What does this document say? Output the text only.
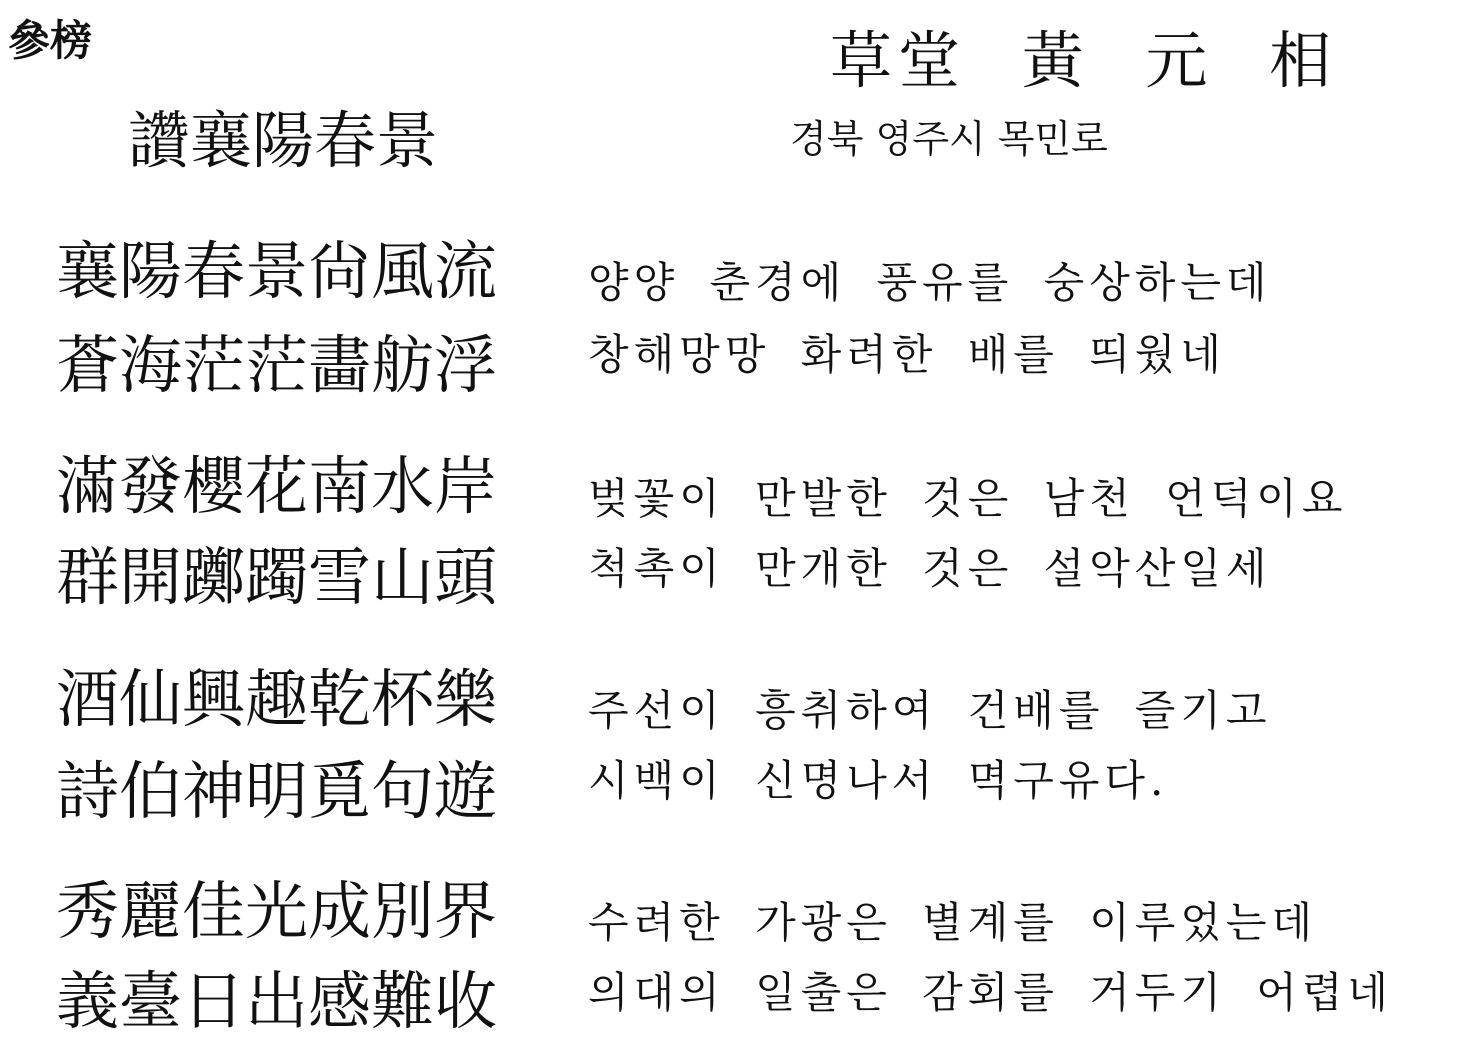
參榜	草堂 黃 元 相
경북 영주시 목민로
讚襄陽春景
襄陽春景尙風流
蒼海茫茫畵舫浮
양양 춘경에 풍유를 숭상하는데
창해망망 화려한 배를 띄웠네
滿發櫻花南水岸
群開躑躅雪山頭
벚꽃이 만발한 것은 남천 언덕이요
척촉이 만개한 것은 설악산일세
酒仙興趣乾杯樂
詩伯神明覓句遊
주선이 흥취하여 건배를 즐기고
시백이 신명나서 멱구유다.
秀麗佳光成別界
義臺日出感難收
수려한 가광은 별계를 이루었는데
의대의 일출은 감회를 거두기 어렵네
